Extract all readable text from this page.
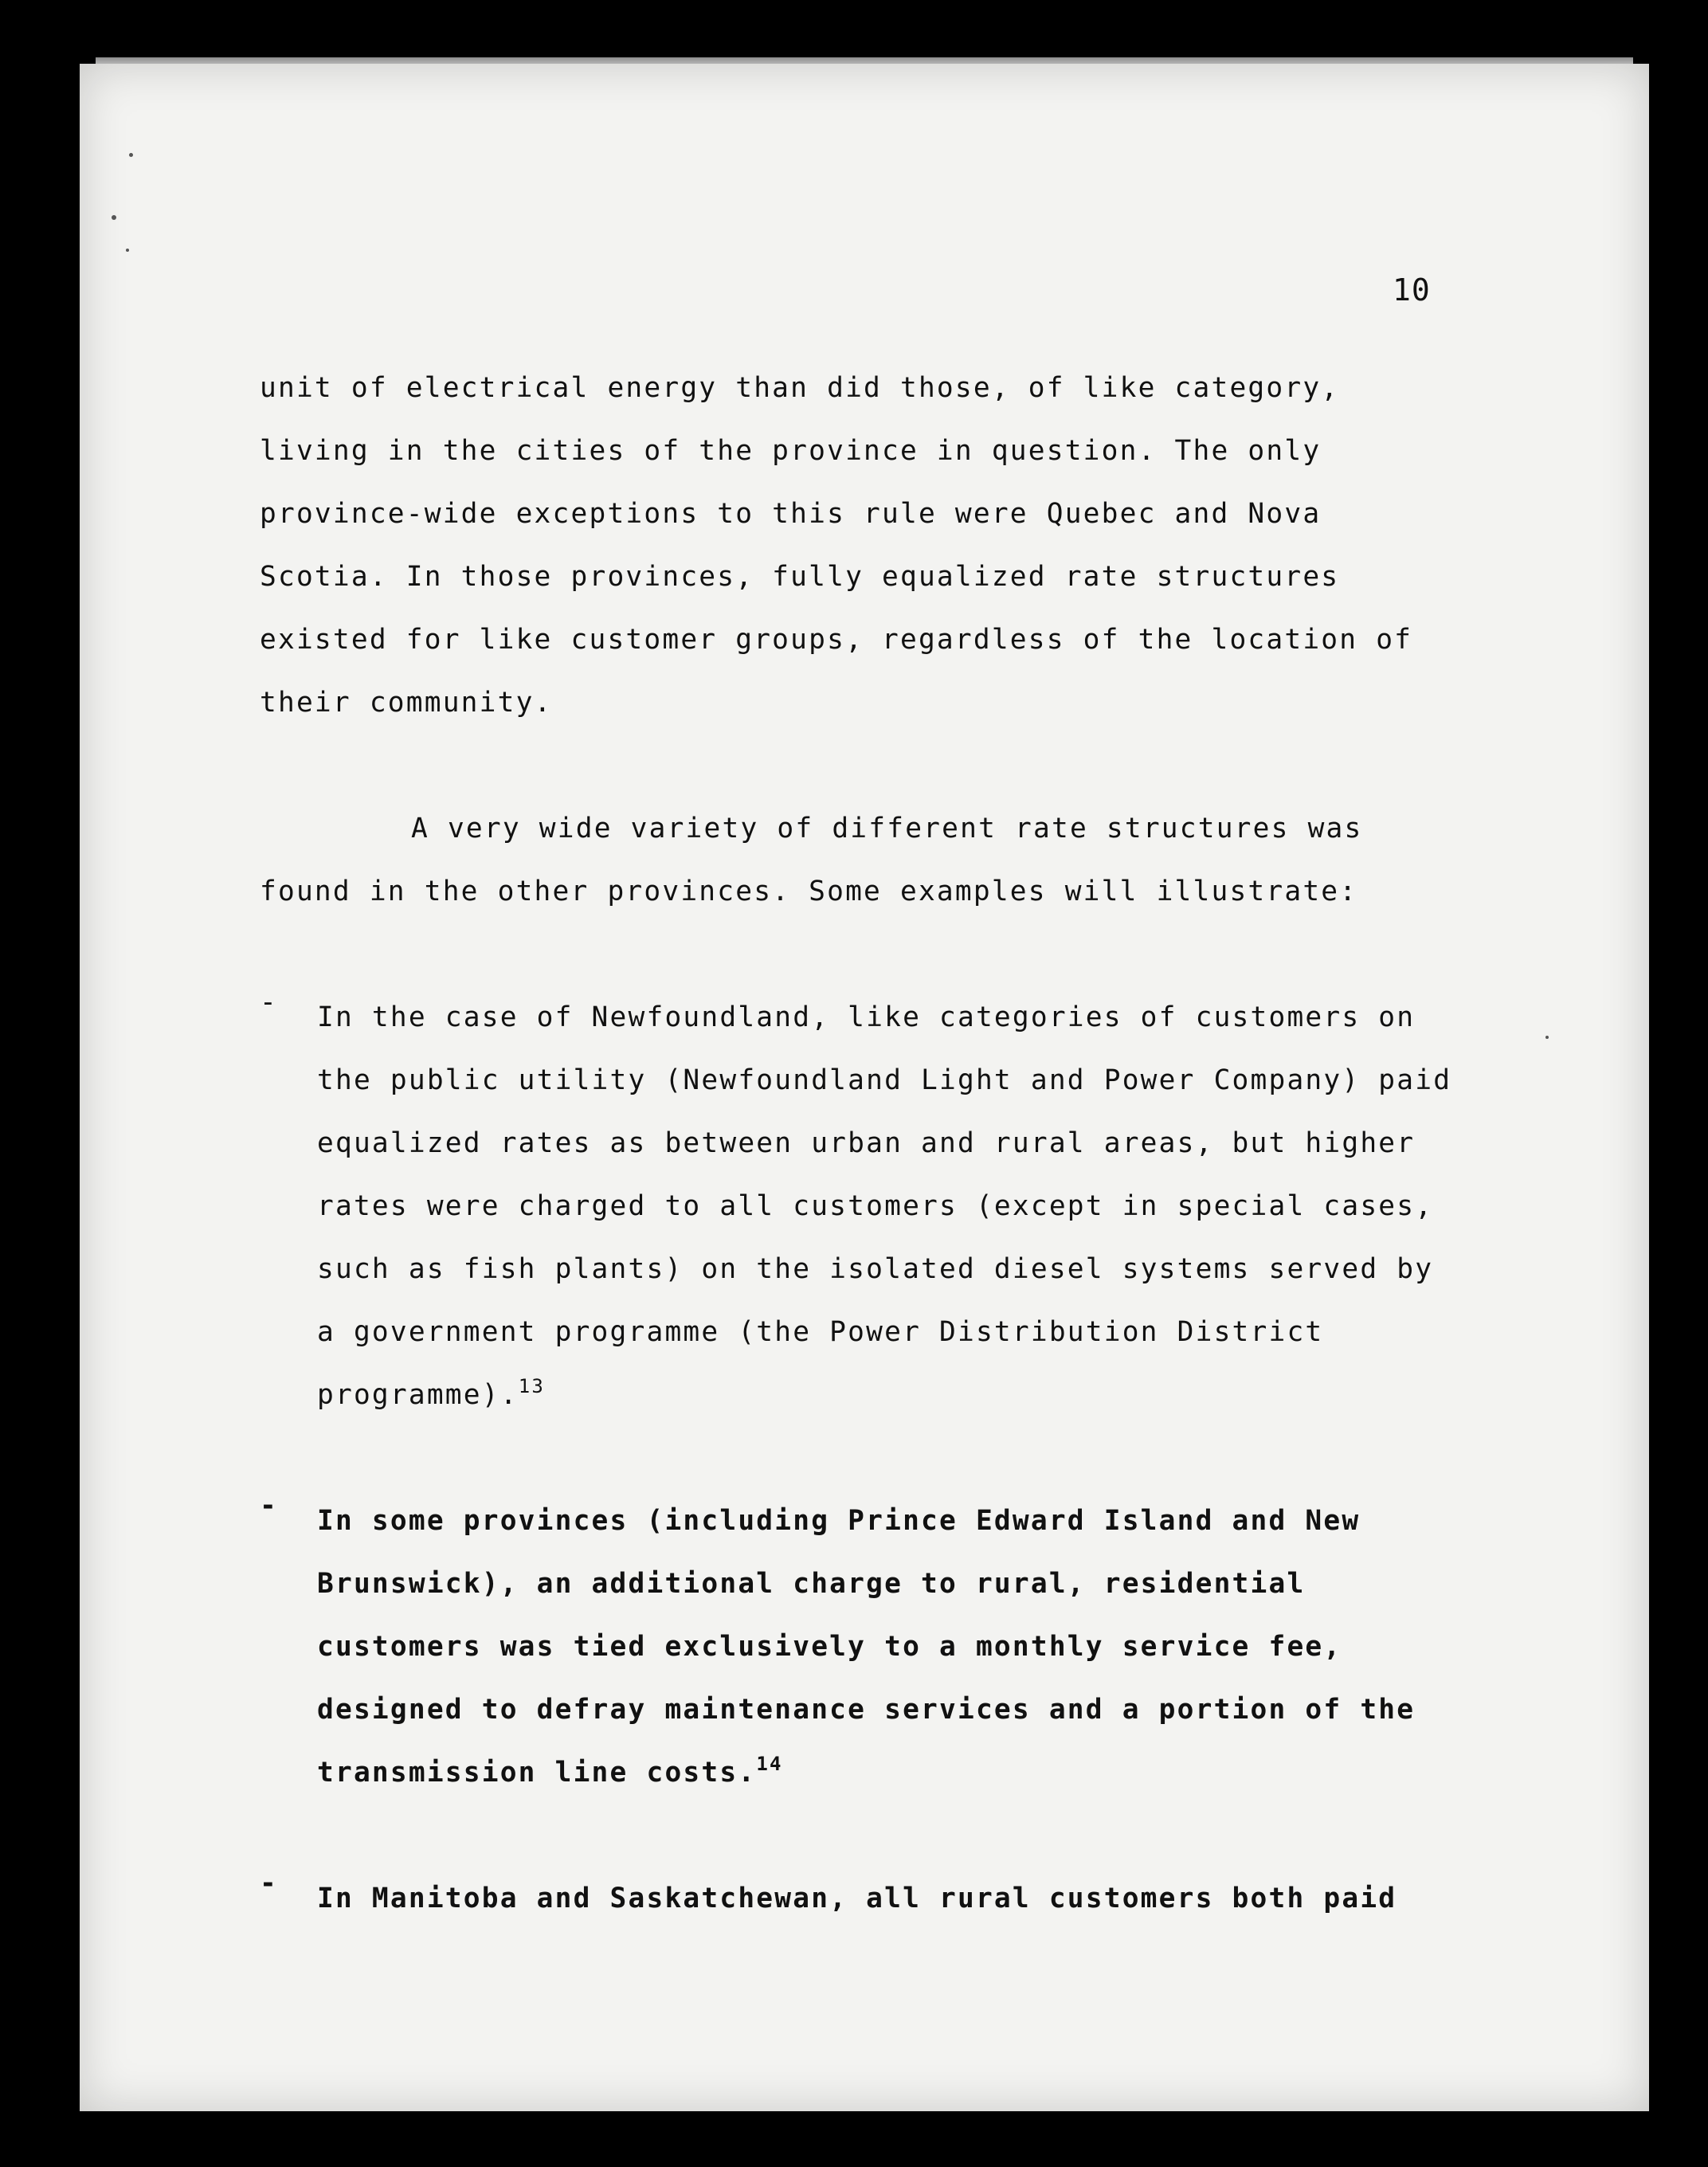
10
unit of electrical energy than did those, of like category,
living in the cities of the province in question. The only
province-wide exceptions to this rule were Quebec and Nova
Scotia. In those provinces, fully equalized rate structures
existed for like customer groups, regardless of the location of
their community.
A very wide variety of different rate structures was
found in the other provinces. Some examples will illustrate:
- In the case of Newfoundland, like categories of customers on
the public utility (Newfoundland Light and Power Company) paid
equalized rates as between urban and rural areas, but higher
rates were charged to all customers (except in special cases,
such as fish plants) on the isolated diesel systems served by
a government programme (the Power Distribution District
programme).$^{13}$
- In some provinces (including Prince Edward Island and New
Brunswick), an additional charge to rural, residential
customers was tied exclusively to a monthly service fee,
designed to defray maintenance services and a portion of the
transmission line costs.$^{14}$
- In Manitoba and Saskatchewan, all rural customers both paid
